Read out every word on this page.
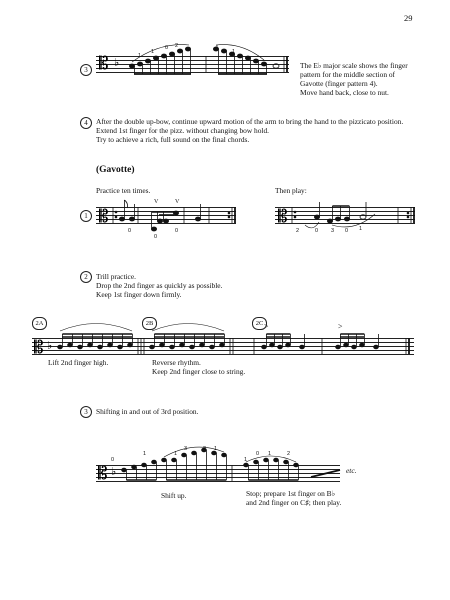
29
3 𝄡 ♭	1
1
0 2	4
1
The E♭ major scale shows the finger
pattern for the middle section of
Gavotte (finger pattern 4).
Move hand back, close to nut.
4	After the double up-bow, continue upward motion of the arm to bring the hand to the pizzicato position.
Extend 1st finger for the pizz. without changing bow hold.
Try to achieve a rich, full sound on the final chords.
(Gavotte)
Practice ten times.	Then play:
1 𝄡
V	V
0
0
0
𝄡
2	0 3 0 1
2	Trill practice.
Drop the 2nd finger as quickly as possible.
Keep 1st finger down firmly.
2A	2B	2C
𝄡 ♭
>	>
Lift 2nd finger high.	Reverse rhythm.
Keep 2nd finger close to string.
3	Shifting in and out of 3rd position.
𝄡 ♭
0
1	1
3	2 1
1
0 1	2
etc.
Shift up.	Stop; prepare 1st finger on B♭
and 2nd finger on C♯; then play.
